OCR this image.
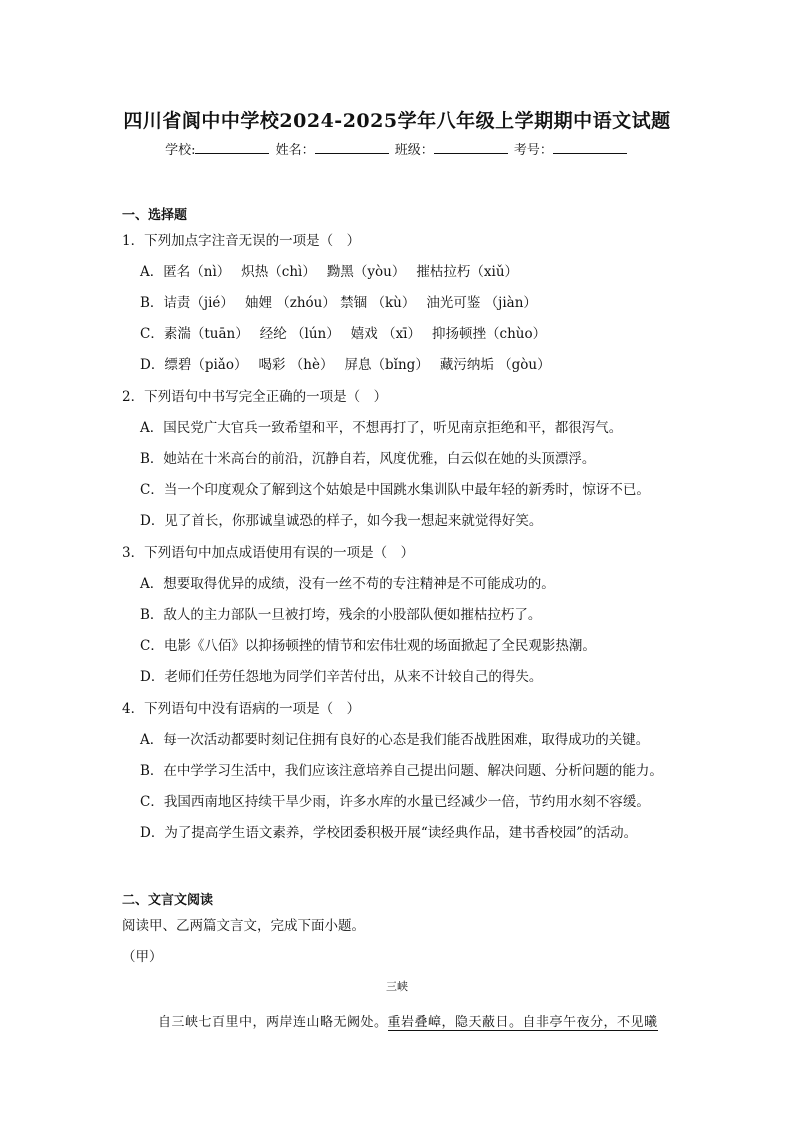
四川省阆中中学校2024-2025学年八年级上学期期中语文试题
学校:	姓名：	班级：	考号：
一、选择题
1．下列加点字注音无误的一项是（　）
A．匿名（nì）　 炽热（chì）　 黝黑（yòu）　 摧枯拉朽（xiǔ）
B．诘责（jié）　 妯娌 （zhóu） 禁锢 （kù）　 油光可鉴 （jiàn）
C．素湍（tuān）　 经纶 （lún）　 嬉戏 （xī）　 抑扬顿挫（chùo）
D．缥碧（piǎo）　 喝彩 （hè）　 屏息（bǐng）　 藏污纳垢 （gòu）
2．下列语句中书写完全正确的一项是（　）
A．国民党广大官兵一致希望和平，不想再打了，听见南京拒绝和平，都很泻气。
B．她站在十米高台的前沿，沉静自若，风度优雅，白云似在她的头顶漂浮。
C．当一个印度观众了解到这个姑娘是中国跳水集训队中最年轻的新秀时，惊讶不已。
D．见了首长，你那诚皇诚恐的样子，如今我一想起来就觉得好笑。
3．下列语句中加点成语使用有误的一项是（　）
A．想要取得优异的成绩，没有一丝不苟的专注精神是不可能成功的。
B．敌人的主力部队一旦被打垮，残余的小股部队便如摧枯拉朽了。
C．电影《八佰》以抑扬顿挫的情节和宏伟壮观的场面掀起了全民观影热潮。
D．老师们任劳任怨地为同学们辛苦付出，从来不计较自己的得失。
4．下列语句中没有语病的一项是（　）
A．每一次活动都要时刻记住拥有良好的心态是我们能否战胜困难，取得成功的关键。
B．在中学学习生活中，我们应该注意培养自己提出问题、解决问题、分析问题的能力。
C．我国西南地区持续干旱少雨，许多水库的水量已经减少一倍，节约用水刻不容缓。
D．为了提高学生语文素养，学校团委积极开展“读经典作品，建书香校园”的活动。
二、文言文阅读
阅读甲、乙两篇文言文，完成下面小题。
（甲）
三峡
自三峡七百里中，两岸连山略无阙处。重岩叠嶂，隐天蔽日。自非亭午夜分，不见曦
